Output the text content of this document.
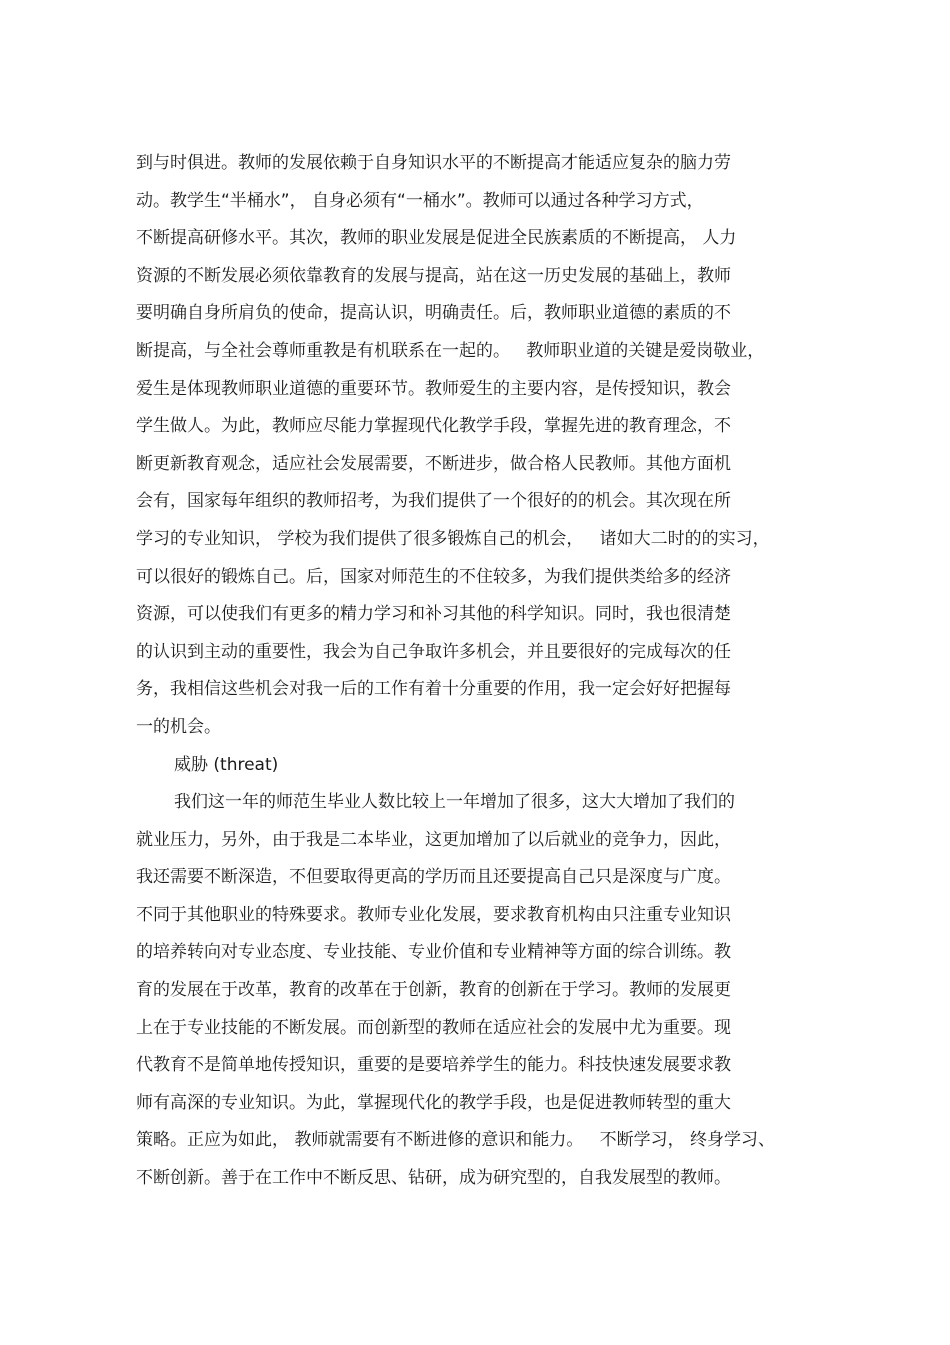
到与时俱进。教师的发展依赖于自身知识水平的不断提高才能适应复杂的脑力劳
动。教学生“半桶水”， 自身必须有“一桶水”。教师可以通过各种学习方式，
不断提高研修水平。其次，教师的职业发展是促进全民族素质的不断提高， 人力
资源的不断发展必须依靠教育的发展与提高，站在这一历史发展的基础上，教师
要明确自身所肩负的使命，提高认识，明确责任。后，教师职业道德的素质的不
断提高，与全社会尊师重教是有机联系在一起的。   教师职业道的关键是爱岗敬业，
爱生是体现教师职业道德的重要环节。教师爱生的主要内容，是传授知识，教会
学生做人。为此，教师应尽能力掌握现代化教学手段，掌握先进的教育理念，不
断更新教育观念，适应社会发展需要，不断进步，做合格人民教师。其他方面机
会有，国家每年组织的教师招考，为我们提供了一个很好的的机会。其次现在所
学习的专业知识， 学校为我们提供了很多锻炼自己的机会，   诸如大二时的的实习，
可以很好的锻炼自己。后，国家对师范生的不住较多，为我们提供类给多的经济
资源，可以使我们有更多的精力学习和补习其他的科学知识。同时，我也很清楚
的认识到主动的重要性，我会为自己争取许多机会，并且要很好的完成每次的任
务，我相信这些机会对我一后的工作有着十分重要的作用，我一定会好好把握每
一的机会。
威胁 (threat)
我们这一年的师范生毕业人数比较上一年增加了很多，这大大增加了我们的
就业压力，另外，由于我是二本毕业，这更加增加了以后就业的竞争力，因此，
我还需要不断深造，不但要取得更高的学历而且还要提高自己只是深度与广度。
不同于其他职业的特殊要求。教师专业化发展，要求教育机构由只注重专业知识
的培养转向对专业态度、专业技能、专业价值和专业精神等方面的综合训练。教
育的发展在于改革，教育的改革在于创新，教育的创新在于学习。教师的发展更
上在于专业技能的不断发展。而创新型的教师在适应社会的发展中尤为重要。现
代教育不是简单地传授知识，重要的是要培养学生的能力。科技快速发展要求教
师有高深的专业知识。为此，掌握现代化的教学手段，也是促进教师转型的重大
策略。正应为如此， 教师就需要有不断进修的意识和能力。   不断学习， 终身学习、
不断创新。善于在工作中不断反思、钻研，成为研究型的，自我发展型的教师。
